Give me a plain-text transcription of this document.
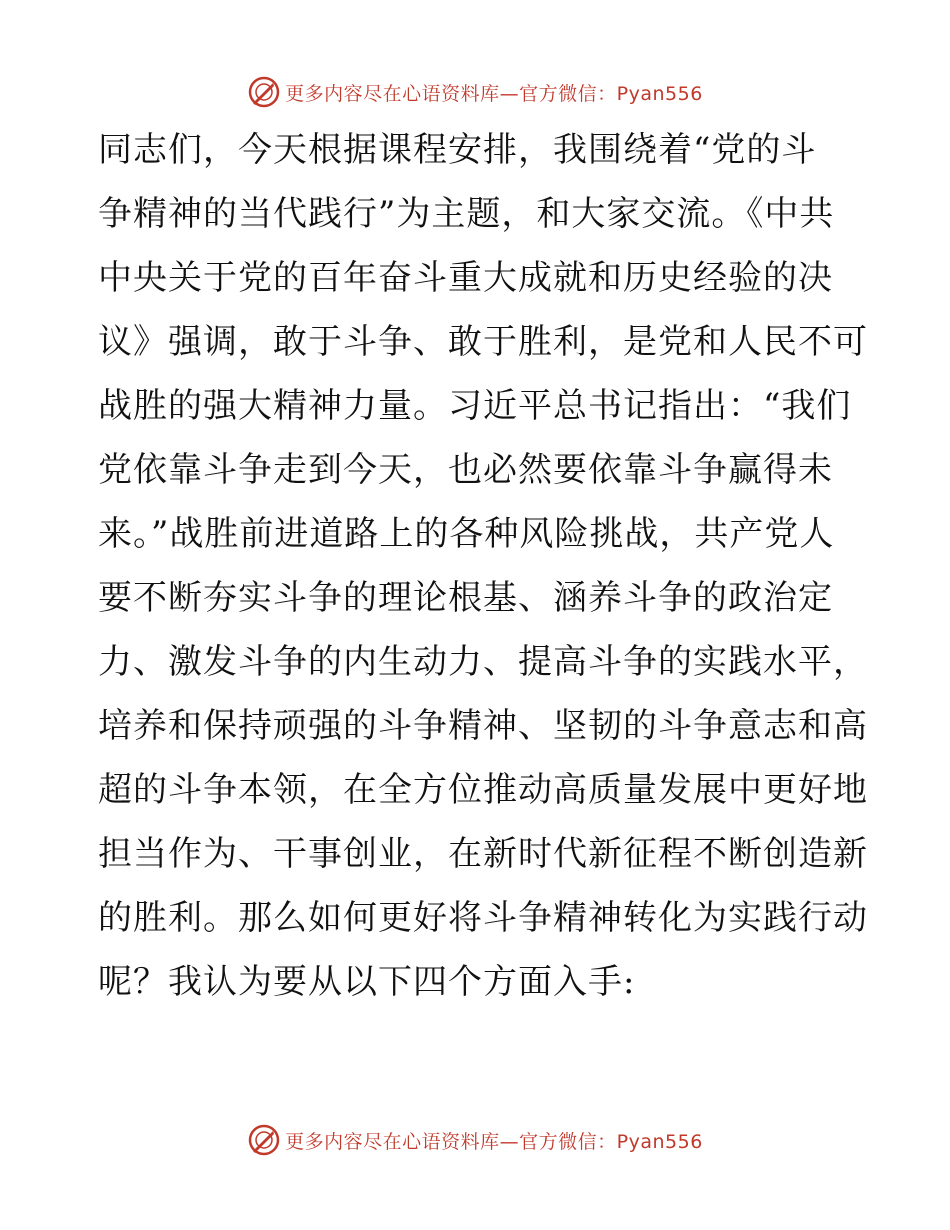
更多内容尽在心语资料库—官方微信：Pyan556
同志们，今天根据课程安排，我围绕着“党的斗
争精神的当代践行”为主题，和大家交流。《中共
中央关于党的百年奋斗重大成就和历史经验的决
议》强调，敢于斗争、敢于胜利，是党和人民不可
战胜的强大精神力量。习近平总书记指出：“我们
党依靠斗争走到今天，也必然要依靠斗争赢得未
来。”战胜前进道路上的各种风险挑战，共产党人
要不断夯实斗争的理论根基、涵养斗争的政治定
力、激发斗争的内生动力、提高斗争的实践水平，
培养和保持顽强的斗争精神、坚韧的斗争意志和高
超的斗争本领，在全方位推动高质量发展中更好地
担当作为、干事创业，在新时代新征程不断创造新
的胜利。那么如何更好将斗争精神转化为实践行动
呢？我认为要从以下四个方面入手:
更多内容尽在心语资料库—官方微信：Pyan556
